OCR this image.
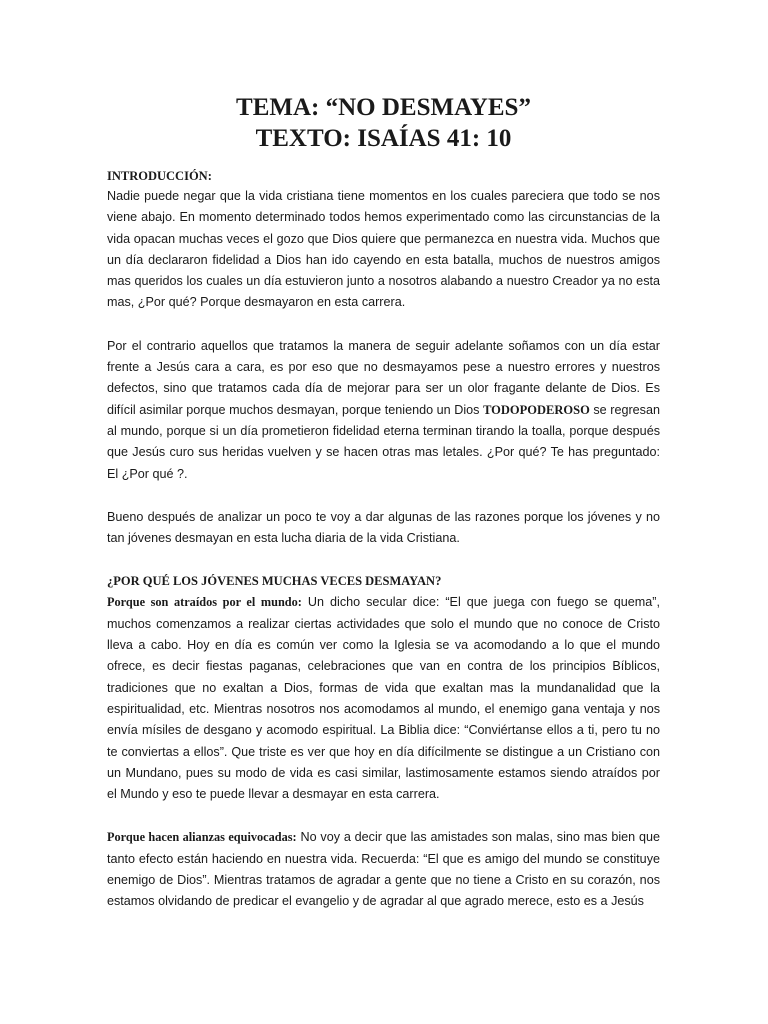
TEMA: “NO DESMAYES”
TEXTO: ISAÍAS 41: 10
INTRODUCCIÓN:

Nadie puede negar que la vida cristiana tiene momentos en los cuales pareciera que todo se nos viene abajo. En momento determinado todos hemos experimentado como las circunstancias de la vida opacan muchas veces el gozo que Dios quiere que permanezca en nuestra vida. Muchos que un día declararon fidelidad a Dios han ido cayendo en esta batalla, muchos de nuestros amigos mas queridos los cuales un día estuvieron junto a nosotros alabando a nuestro Creador ya no esta mas, ¿Por qué? Porque desmayaron en esta carrera.

Por el contrario aquellos que tratamos la manera de seguir adelante soñamos con un día estar frente a Jesús cara a cara, es por eso que no desmayamos pese a nuestro errores y nuestros defectos, sino que tratamos cada día de mejorar para ser un olor fragante delante de Dios. Es difícil asimilar porque muchos desmayan, porque teniendo un Dios TODOPODEROSO se regresan al mundo, porque si un día prometieron fidelidad eterna terminan tirando la toalla, porque después que Jesús curo sus heridas vuelven y se hacen otras mas letales. ¿Por qué? Te has preguntado: El ¿Por qué ?.

Bueno después de analizar un poco te voy a dar algunas de las razones porque los jóvenes y no tan jóvenes desmayan en esta lucha diaria de la vida Cristiana.

¿POR QUÉ LOS JÓVENES MUCHAS VECES DESMAYAN?

Porque son atraídos por el mundo: Un dicho secular dice: “El que juega con fuego se quema”, muchos comenzamos a realizar ciertas actividades que solo el mundo que no conoce de Cristo lleva a cabo. Hoy en día es común ver como la Iglesia se va acomodando a lo que el mundo ofrece, es decir fiestas paganas, celebraciones que van en contra de los principios Bíblicos, tradiciones que no exaltan a Dios, formas de vida que exaltan mas la mundanalidad que la espiritualidad, etc. Mientras nosotros nos acomodamos al mundo, el enemigo gana ventaja y nos envía mísiles de desgano y acomodo espiritual. La Biblia dice: “Conviértanse ellos a ti, pero tu no te conviertas a ellos”. Que triste es ver que hoy en día difícilmente se distingue a un Cristiano con un Mundano, pues su modo de vida es casi similar, lastimosamente estamos siendo atraídos por el Mundo y eso te puede llevar a desmayar en esta carrera.

Porque hacen alianzas equivocadas: No voy a decir que las amistades son malas, sino mas bien que tanto efecto están haciendo en nuestra vida. Recuerda: “El que es amigo del mundo se constituye enemigo de Dios”. Mientras tratamos de agradar a gente que no tiene a Cristo en su corazón, nos estamos olvidando de predicar el evangelio y de agradar al que agrado merece, esto es a Jesús
